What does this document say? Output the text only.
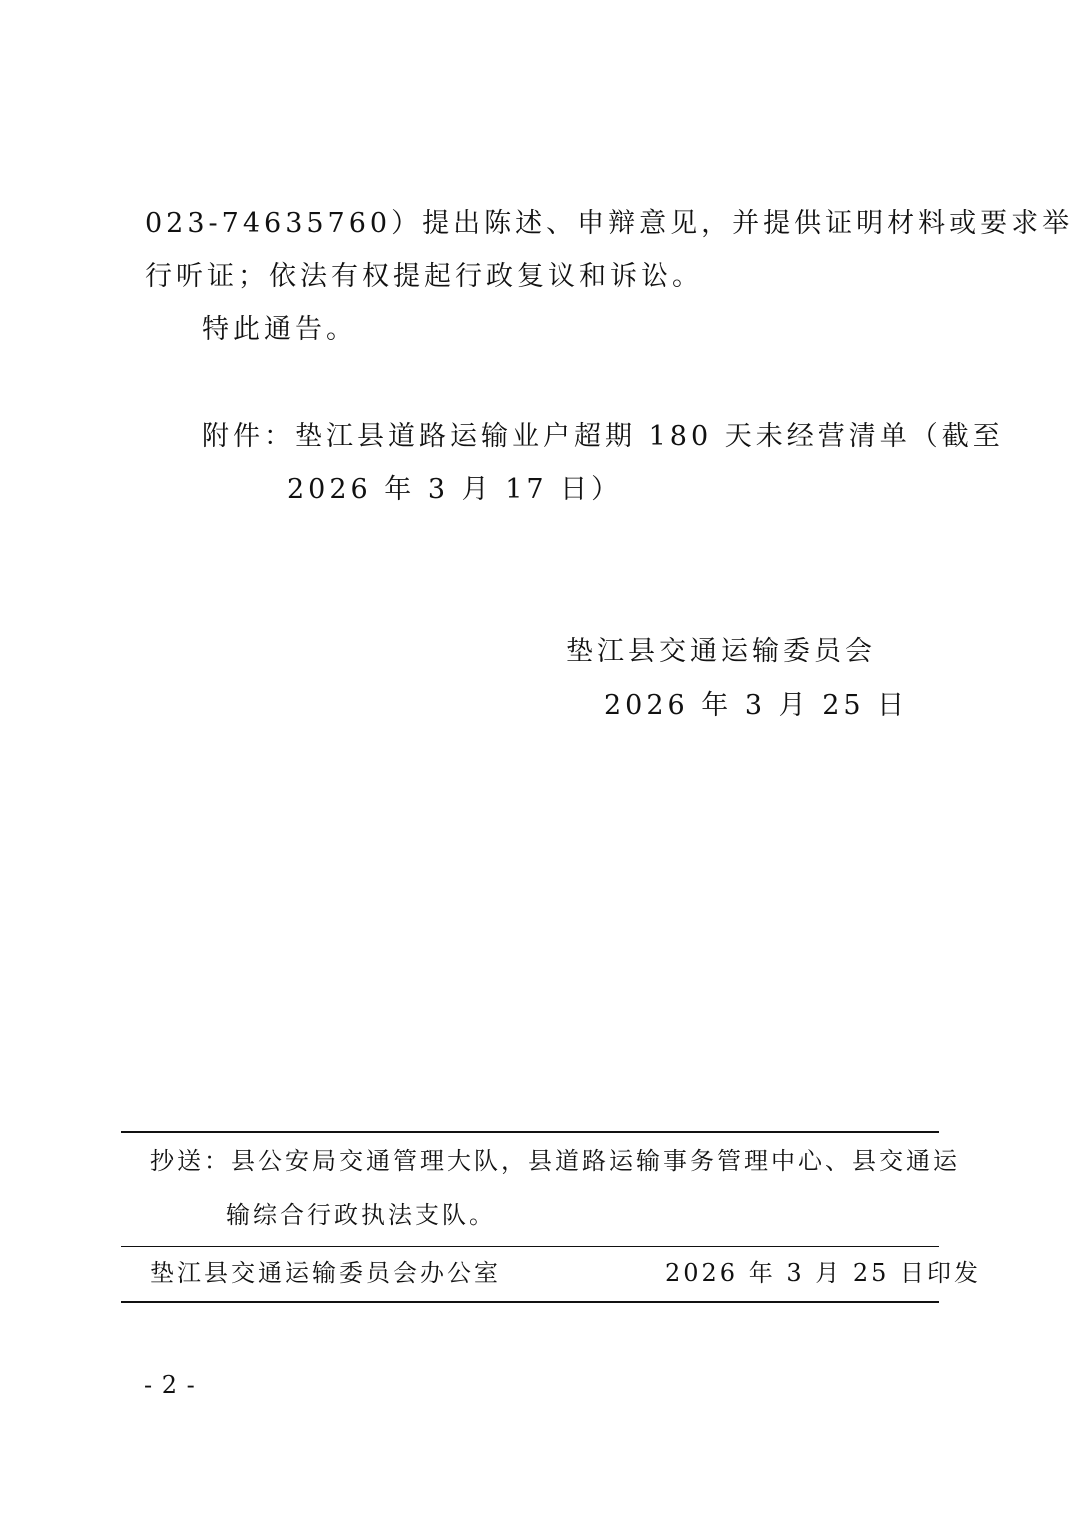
023-74635760）提出陈述、申辩意见，并提供证明材料或要求举
行听证；依法有权提起行政复议和诉讼。
特此通告。
附件：垫江县道路运输业户超期 180 天未经营清单（截至
2026 年 3 月 17 日）
垫江县交通运输委员会
2026 年 3 月 25 日
抄送：县公安局交通管理大队，县道路运输事务管理中心、县交通运
输综合行政执法支队。
垫江县交通运输委员会办公室	2026 年 3 月 25 日印发
- 2 -
